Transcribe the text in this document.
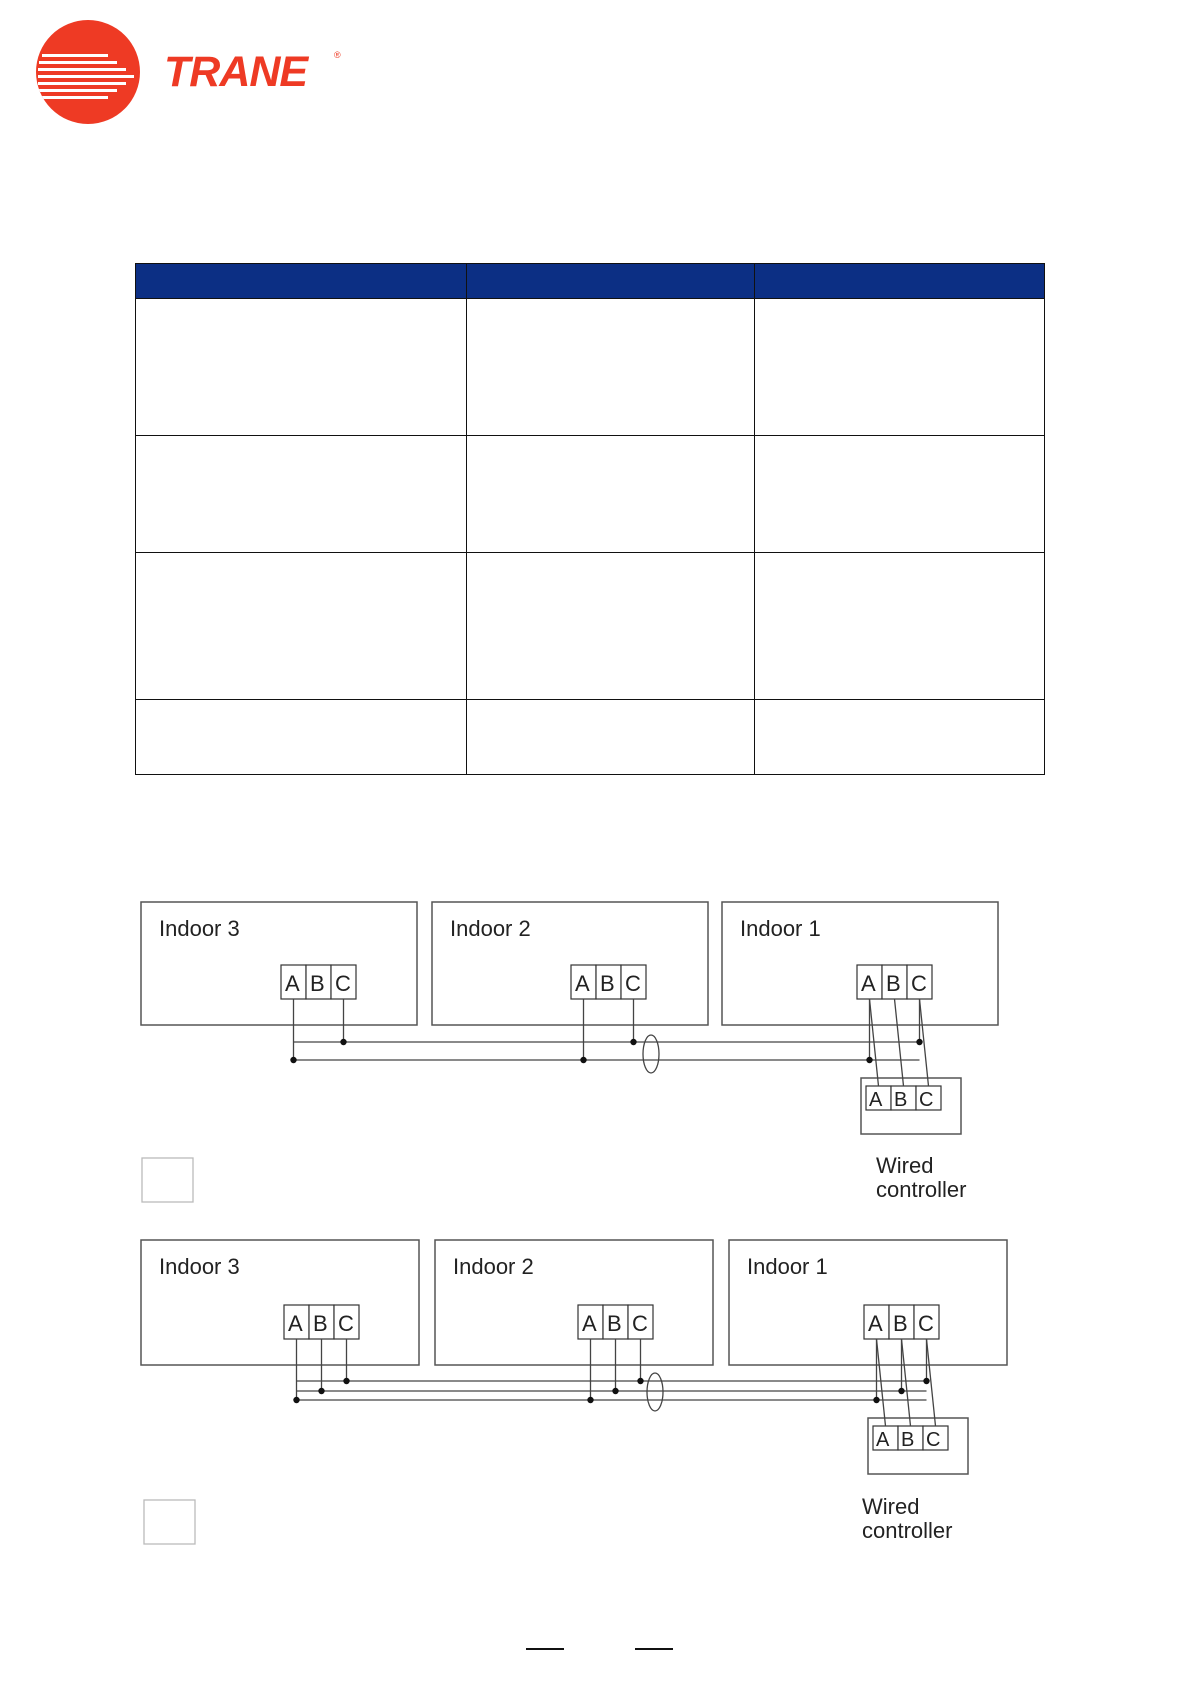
TRANE	®

Indoor 3	Indoor 2	Indoor 1
A B C	A B C	A B C
A B C
Wired
controller
Indoor 3	Indoor 2	Indoor 1
A B C	A B C	A B C
A B C
Wired
controller
